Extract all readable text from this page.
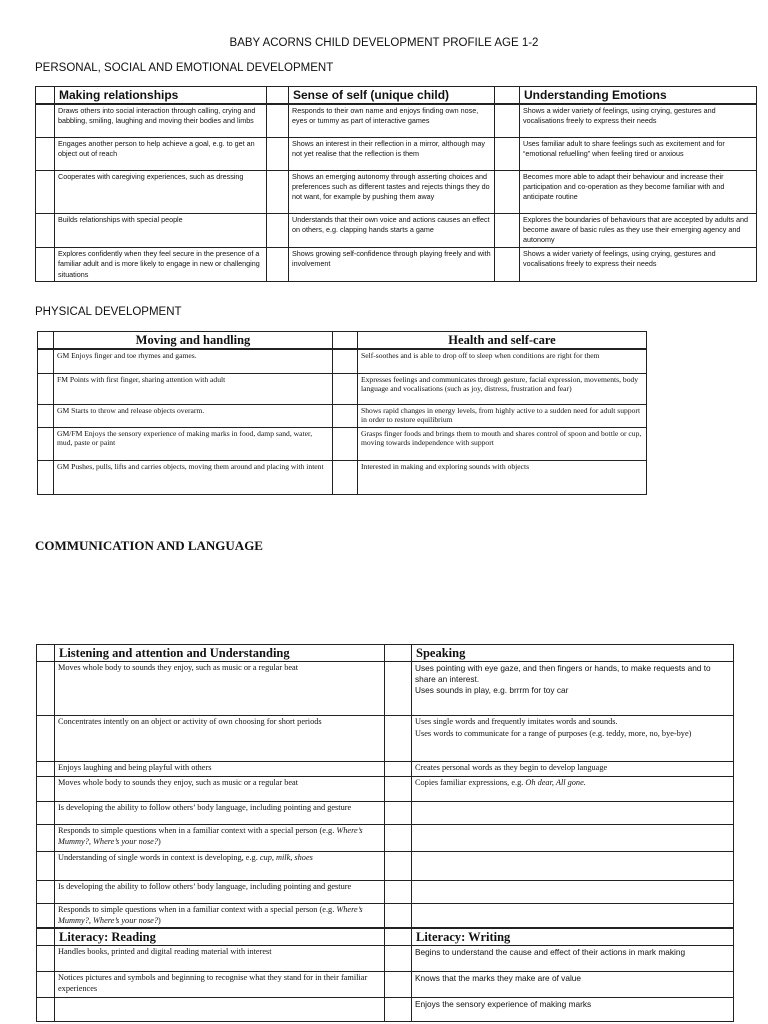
BABY ACORNS CHILD DEVELOPMENT PROFILE AGE 1-2
PERSONAL, SOCIAL AND EMOTIONAL DEVELOPMENT
	Making relationships		Sense of self (unique child)		Understanding Emotions
	Draws others into social interaction through calling, crying and babbling, smiling, laughing and moving their bodies and limbs		Responds to their own name and enjoys finding own nose, eyes or tummy as part of interactive games		Shows a wider variety of feelings, using crying, gestures and vocalisations freely to express their needs
	Engages another person to help achieve a goal, e.g. to get an object out of reach		Shows an interest in their reflection in a mirror, although may not yet realise that the reflection is them		Uses familiar adult to share feelings such as excitement and for “emotional refuelling” when feeling tired or anxious
	Cooperates with caregiving experiences, such as dressing		Shows an emerging autonomy through asserting choices and preferences such as different tastes and rejects things they do not want, for example by pushing them away		Becomes more able to adapt their behaviour and increase their participation and co-operation as they become familiar with and anticipate routine
	Builds relationships with special people		Understands that their own voice and actions causes an effect on others, e.g. clapping hands starts a game		Explores the boundaries of behaviours that are accepted by adults and become aware of basic rules as they use their emerging agency and autonomy
	Explores confidently when they feel secure in the presence of a familiar adult and is more likely to engage in new or challenging situations		Shows growing self-confidence through playing freely and with involvement		Shows a wider variety of feelings, using crying, gestures and vocalisations freely to express their needs
PHYSICAL DEVELOPMENT
	Moving and handling		Health and self-care
	GM Enjoys finger and toe rhymes and games.		Self-soothes and is able to drop off to sleep when conditions are right for them
	FM Points with first finger, sharing attention with adult		Expresses feelings and communicates through gesture, facial expression, movements, body language and vocalisations (such as joy, distress, frustration and fear)
	GM Starts to throw and release objects overarm.		Shows rapid changes in energy levels, from highly active to a sudden need for adult support in order to restore equilibrium
	GM/FM Enjoys the sensory experience of making marks in food, damp sand, water, mud, paste or paint		Grasps finger foods and brings them to mouth and shares control of spoon and bottle or cup, moving towards independence with support
	GM Pushes, pulls, lifts and carries objects, moving them around and placing with intent		Interested in making and exploring sounds with objects
COMMUNICATION AND LANGUAGE
	Listening and attention and Understanding		Speaking
	Moves whole body to sounds they enjoy, such as music or a regular beat		Uses pointing with eye gaze, and then fingers or hands, to make requests and to share an interest.
Uses sounds in play, e.g. brrrm for toy car

	Concentrates intently on an object or activity of own choosing for short periods		Uses single words and frequently imitates words and sounds.
Uses words to communicate for a range of purposes (e.g. teddy, more, no, bye-bye)

	Enjoys laughing and being playful with others		Creates personal words as they begin to develop language
	Moves whole body to sounds they enjoy, such as music or a regular beat		Copies familiar expressions, e.g. Oh dear, All gone.
	Is developing the ability to follow others’ body language, including pointing and gesture		
	Responds to simple questions when in a familiar context with a special person (e.g. Where’s Mummy?, Where’s your nose?)		
	Understanding of single words in context is developing, e.g. cup, milk, shoes		
	Is developing the ability to follow others’ body language, including pointing and gesture		
	Responds to simple questions when in a familiar context with a special person (e.g. Where’s Mummy?, Where’s your nose?)		
	Literacy: Reading		Literacy: Writing
	Handles books, printed and digital reading material with interest		Begins to understand the cause and effect of their actions in mark making
	Notices pictures and symbols and beginning to recognise what they stand for in their familiar experiences		Knows that the marks they make are of value
			Enjoys the sensory experience of making marks
